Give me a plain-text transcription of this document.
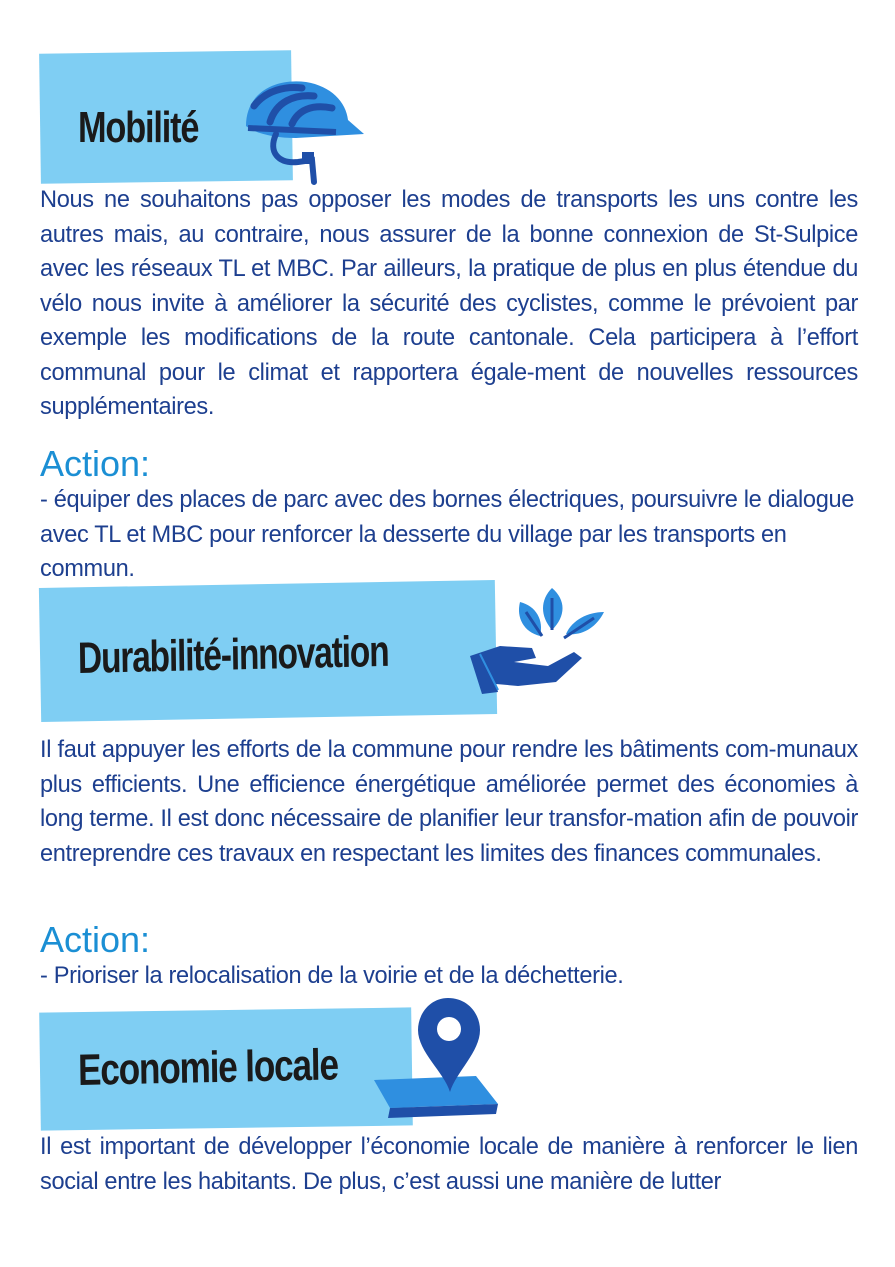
Mobilité

Nous ne souhaitons pas opposer les modes de transports les uns contre les autres mais, au contraire, nous assurer de la bonne connexion de St-Sulpice avec les réseaux TL et MBC. Par ailleurs, la pratique de plus en plus étendue du vélo nous invite à améliorer la sécurité des cyclistes, comme le prévoient par exemple les modifications de la route cantonale. Cela participera à l’effort communal pour le climat et rapportera égale-ment de nouvelles ressources supplémentaires.

Action:
- équiper des places de parc avec des bornes électriques, poursuivre le dialogue avec TL et MBC pour renforcer la desserte du village par les transports en commun.
Durabilité-innovation

Il faut appuyer les efforts de la commune pour rendre les bâtiments com-munaux plus efficients. Une efficience énergétique améliorée permet des économies à long terme. Il est donc nécessaire de planifier leur transfor-mation afin de pouvoir entreprendre ces travaux en respectant les limites des finances communales.

Action:
- Prioriser la relocalisation de la voirie et de la déchetterie.
Economie locale

Il est important de développer l’économie locale de manière à renforcer le lien social entre les habitants. De plus, c’est aussi une manière de lutter
